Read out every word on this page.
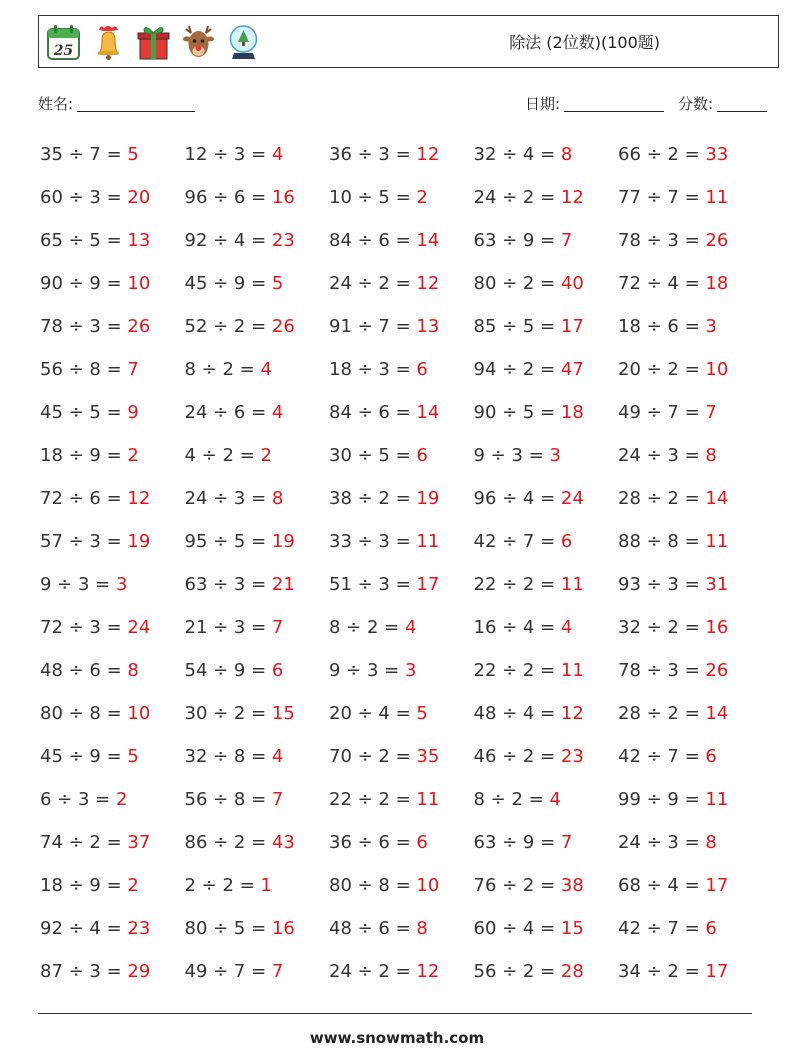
25	除法 (2位数)(100题)
姓名:	日期:	分数:
35 ÷ 7 = 5	12 ÷ 3 = 4	36 ÷ 3 = 12	32 ÷ 4 = 8	66 ÷ 2 = 33
60 ÷ 3 = 20	96 ÷ 6 = 16	10 ÷ 5 = 2	24 ÷ 2 = 12	77 ÷ 7 = 11
65 ÷ 5 = 13	92 ÷ 4 = 23	84 ÷ 6 = 14	63 ÷ 9 = 7	78 ÷ 3 = 26
90 ÷ 9 = 10	45 ÷ 9 = 5	24 ÷ 2 = 12	80 ÷ 2 = 40	72 ÷ 4 = 18
78 ÷ 3 = 26	52 ÷ 2 = 26	91 ÷ 7 = 13	85 ÷ 5 = 17	18 ÷ 6 = 3
56 ÷ 8 = 7	8 ÷ 2 = 4	18 ÷ 3 = 6	94 ÷ 2 = 47	20 ÷ 2 = 10
45 ÷ 5 = 9	24 ÷ 6 = 4	84 ÷ 6 = 14	90 ÷ 5 = 18	49 ÷ 7 = 7
18 ÷ 9 = 2	4 ÷ 2 = 2	30 ÷ 5 = 6	9 ÷ 3 = 3	24 ÷ 3 = 8
72 ÷ 6 = 12	24 ÷ 3 = 8	38 ÷ 2 = 19	96 ÷ 4 = 24	28 ÷ 2 = 14
57 ÷ 3 = 19	95 ÷ 5 = 19	33 ÷ 3 = 11	42 ÷ 7 = 6	88 ÷ 8 = 11
9 ÷ 3 = 3	63 ÷ 3 = 21	51 ÷ 3 = 17	22 ÷ 2 = 11	93 ÷ 3 = 31
72 ÷ 3 = 24	21 ÷ 3 = 7	8 ÷ 2 = 4	16 ÷ 4 = 4	32 ÷ 2 = 16
48 ÷ 6 = 8	54 ÷ 9 = 6	9 ÷ 3 = 3	22 ÷ 2 = 11	78 ÷ 3 = 26
80 ÷ 8 = 10	30 ÷ 2 = 15	20 ÷ 4 = 5	48 ÷ 4 = 12	28 ÷ 2 = 14
45 ÷ 9 = 5	32 ÷ 8 = 4	70 ÷ 2 = 35	46 ÷ 2 = 23	42 ÷ 7 = 6
6 ÷ 3 = 2	56 ÷ 8 = 7	22 ÷ 2 = 11	8 ÷ 2 = 4	99 ÷ 9 = 11
74 ÷ 2 = 37	86 ÷ 2 = 43	36 ÷ 6 = 6	63 ÷ 9 = 7	24 ÷ 3 = 8
18 ÷ 9 = 2	2 ÷ 2 = 1	80 ÷ 8 = 10	76 ÷ 2 = 38	68 ÷ 4 = 17
92 ÷ 4 = 23	80 ÷ 5 = 16	48 ÷ 6 = 8	60 ÷ 4 = 15	42 ÷ 7 = 6
87 ÷ 3 = 29	49 ÷ 7 = 7	24 ÷ 2 = 12	56 ÷ 2 = 28	34 ÷ 2 = 17
www.snowmath.com
